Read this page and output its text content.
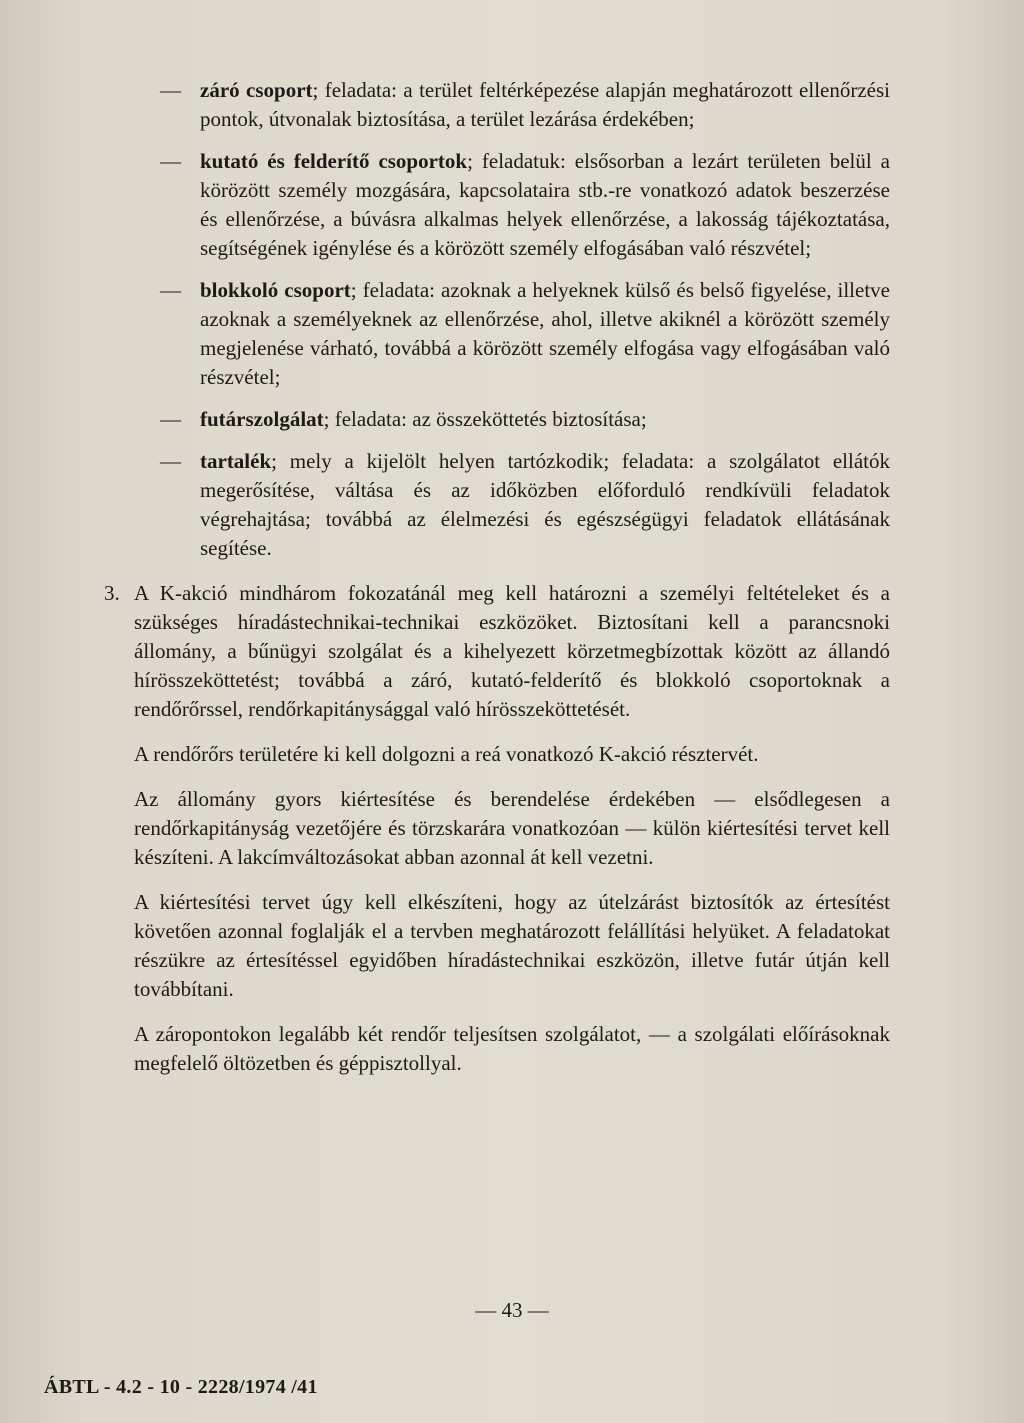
— záró csoport; feladata: a terület feltérképezése alapján meghatározott ellenőrzési pontok, útvonalak biztosítása, a terület lezárása érdekében;
— kutató és felderítő csoportok; feladatuk: elsősorban a lezárt területen belül a körözött személy mozgására, kapcsolataira stb.-re vonatkozó adatok beszerzése és ellenőrzése, a búvásra alkalmas helyek ellenőrzése, a lakosság tájékoztatása, segítségének igénylése és a körözött személy elfogásában való részvétel;
— blokkoló csoport; feladata: azoknak a helyeknek külső és belső figyelése, illetve azoknak a személyeknek az ellenőrzése, ahol, illetve akiknél a körözött személy megjelenése várható, továbbá a körözött személy elfogása vagy elfogásában való részvétel;
— futárszolgálat; feladata: az összeköttetés biztosítása;
— tartalék; mely a kijelölt helyen tartózkodik; feladata: a szolgálatot ellátók megerősítése, váltása és az időközben előforduló rendkívüli feladatok végrehajtása; továbbá az élelmezési és egészségügyi feladatok ellátásának segítése.
3. A K-akció mindhárom fokozatánál meg kell határozni a személyi feltételeket és a szükséges híradástechnikai-technikai eszközöket. Biztosítani kell a parancsnoki állomány, a bűnügyi szolgálat és a kihelyezett körzetmegbízottak között az állandó hírösszeköttetést; továbbá a záró, kutató-felderítő és blokkoló csoportoknak a rendőrőrssel, rendőrkapitánysággal való hírösszeköttetését.
A rendőrőrs területére ki kell dolgozni a reá vonatkozó K-akció résztervét.
Az állomány gyors kiértesítése és berendelése érdekében — elsődlegesen a rendőrkapitányság vezetőjére és törzskarára vonatkozóan — külön kiértesítési tervet kell készíteni. A lakcímváltozásokat abban azonnal át kell vezetni.
A kiértesítési tervet úgy kell elkészíteni, hogy az útelzárást biztosítók az értesítést követően azonnal foglalják el a tervben meghatározott felállítási helyüket. A feladatokat részükre az értesítéssel egyidőben híradástechnikai eszközön, illetve futár útján kell továbbítani.
A záropontokon legalább két rendőr teljesítsen szolgálatot, — a szolgálati előírásoknak megfelelő öltözetben és géppisztollyal.
— 43 —
ÁBTL - 4.2 - 10 - 2228/1974 /41
